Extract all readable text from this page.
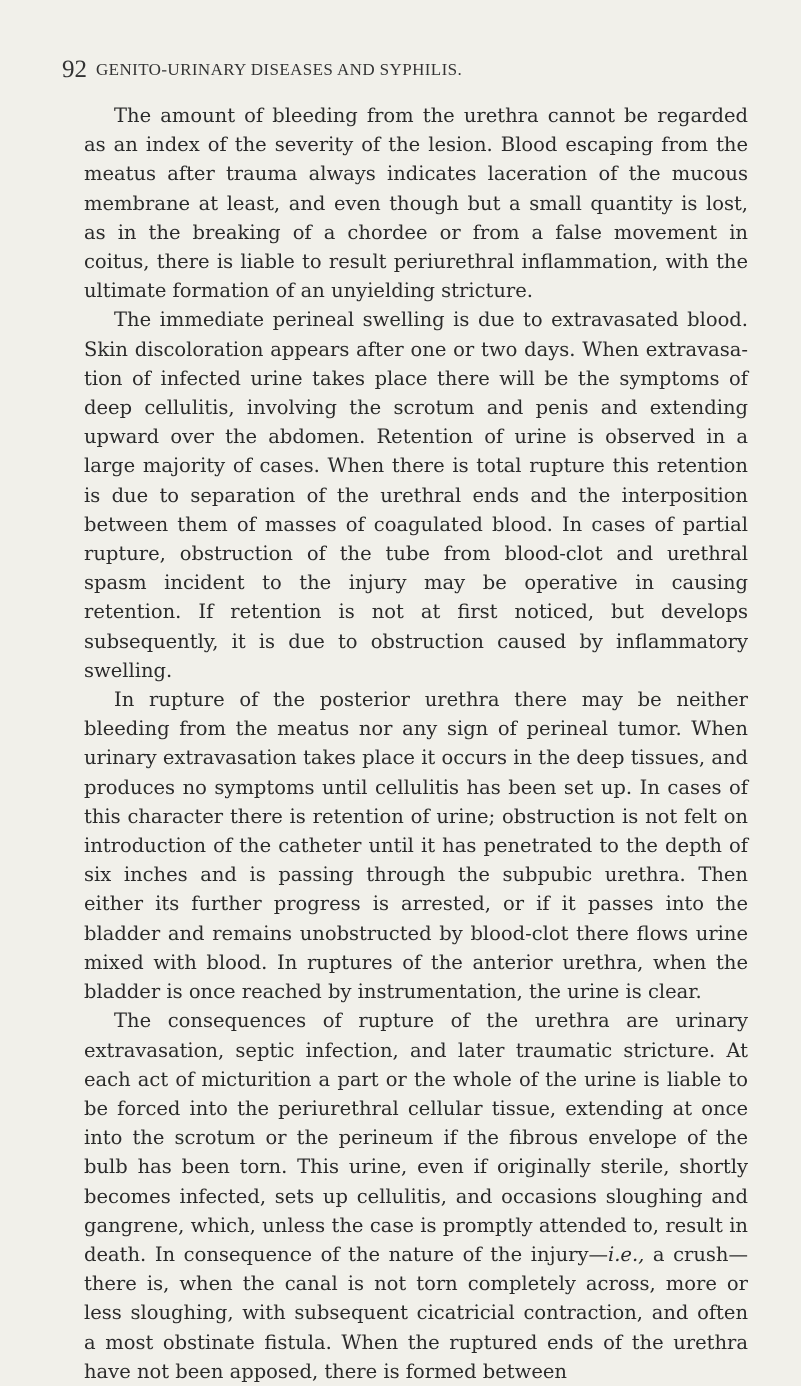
92 GENITO-URINARY DISEASES AND SYPHILIS.

The amount of bleeding from the urethra cannot be regarded as an index of the severity of the lesion. Blood escaping from the meatus after trauma always indicates laceration of the mucous membrane at least, and even though but a small quantity is lost, as in the breaking of a chordee or from a false movement in coitus, there is liable to result periurethral inflammation, with the ultimate formation of an unyielding stricture.

The immediate perineal swelling is due to extravasated blood. Skin discoloration appears after one or two days. When extravasation of infected urine takes place there will be the symptoms of deep cellulitis, involving the scrotum and penis and extending upward over the abdomen. Retention of urine is observed in a large majority of cases. When there is total rupture this retention is due to separation of the urethral ends and the interposition between them of masses of coagulated blood. In cases of partial rupture, obstruction of the tube from blood-clot and urethral spasm incident to the injury may be operative in causing retention. If retention is not at first noticed, but develops subsequently, it is due to obstruction caused by inflammatory swelling.

In rupture of the posterior urethra there may be neither bleeding from the meatus nor any sign of perineal tumor. When urinary extravasation takes place it occurs in the deep tissues, and produces no symptoms until cellulitis has been set up. In cases of this character there is retention of urine; obstruction is not felt on introduction of the catheter until it has penetrated to the depth of six inches and is passing through the subpubic urethra. Then either its further progress is arrested, or if it passes into the bladder and remains unobstructed by blood-clot there flows urine mixed with blood. In ruptures of the anterior urethra, when the bladder is once reached by instrumentation, the urine is clear.

The consequences of rupture of the urethra are urinary extravasation, septic infection, and later traumatic stricture. At each act of micturition a part or the whole of the urine is liable to be forced into the periurethral cellular tissue, extending at once into the scrotum or the perineum if the fibrous envelope of the bulb has been torn. This urine, even if originally sterile, shortly becomes infected, sets up cellulitis, and occasions sloughing and gangrene, which, unless the case is promptly attended to, result in death. In consequence of the nature of the injury—i.e., a crush—there is, when the canal is not torn completely across, more or less sloughing, with subsequent cicatricial contraction, and often a most obstinate fistula. When the ruptured ends of the urethra have not been apposed, there is formed between
